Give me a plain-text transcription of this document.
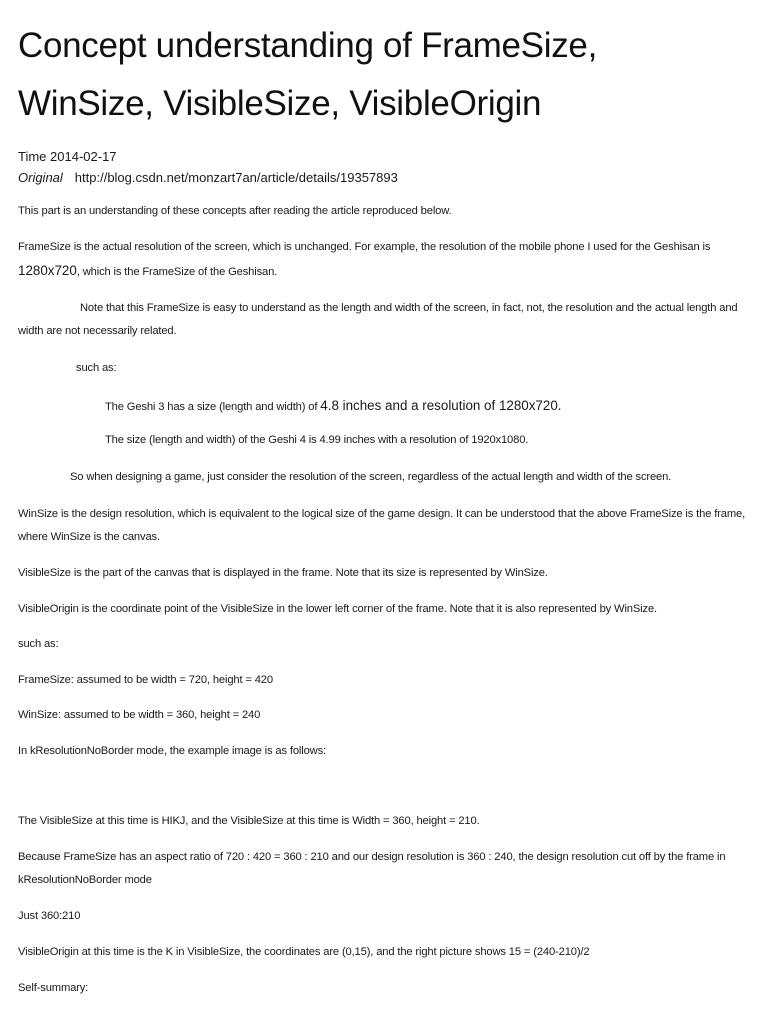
Concept understanding of FrameSize,
WinSize, VisibleSize, VisibleOrigin
Time 2014-02-17
Original http://blog.csdn.net/monzart7an/article/details/19357893

This part is an understanding of these concepts after reading the article reproduced below.

FrameSize is the actual resolution of the screen, which is unchanged. For example, the resolution of the mobile phone I used for the Geshisan is
1280x720, which is the FrameSize of the Geshisan.

Note that this FrameSize is easy to understand as the length and width of the screen, in fact, not, the resolution and the actual length and width are not necessarily related.

such as:

The Geshi 3 has a size (length and width) of 4.8 inches and a resolution of 1280x720.

The size (length and width) of the Geshi 4 is 4.99 inches with a resolution of 1920x1080.

So when designing a game, just consider the resolution of the screen, regardless of the actual length and width of the screen.

WinSize is the design resolution, which is equivalent to the logical size of the game design. It can be understood that the above FrameSize is the frame, where WinSize is the canvas.

VisibleSize is the part of the canvas that is displayed in the frame. Note that its size is represented by WinSize.

VisibleOrigin is the coordinate point of the VisibleSize in the lower left corner of the frame. Note that it is also represented by WinSize.

such as:

FrameSize: assumed to be width = 720, height = 420

WinSize: assumed to be width = 360, height = 240

In kResolutionNoBorder mode, the example image is as follows:

The VisibleSize at this time is HIKJ, and the VisibleSize at this time is Width = 360, height = 210.

Because FrameSize has an aspect ratio of 720 : 420 = 360 : 210 and our design resolution is 360 : 240, the design resolution cut off by the frame in kResolutionNoBorder mode

Just 360:210

VisibleOrigin at this time is the K in VisibleSize, the coordinates are (0,15), and the right picture shows 15 = (240-210)/2

Self-summary:
